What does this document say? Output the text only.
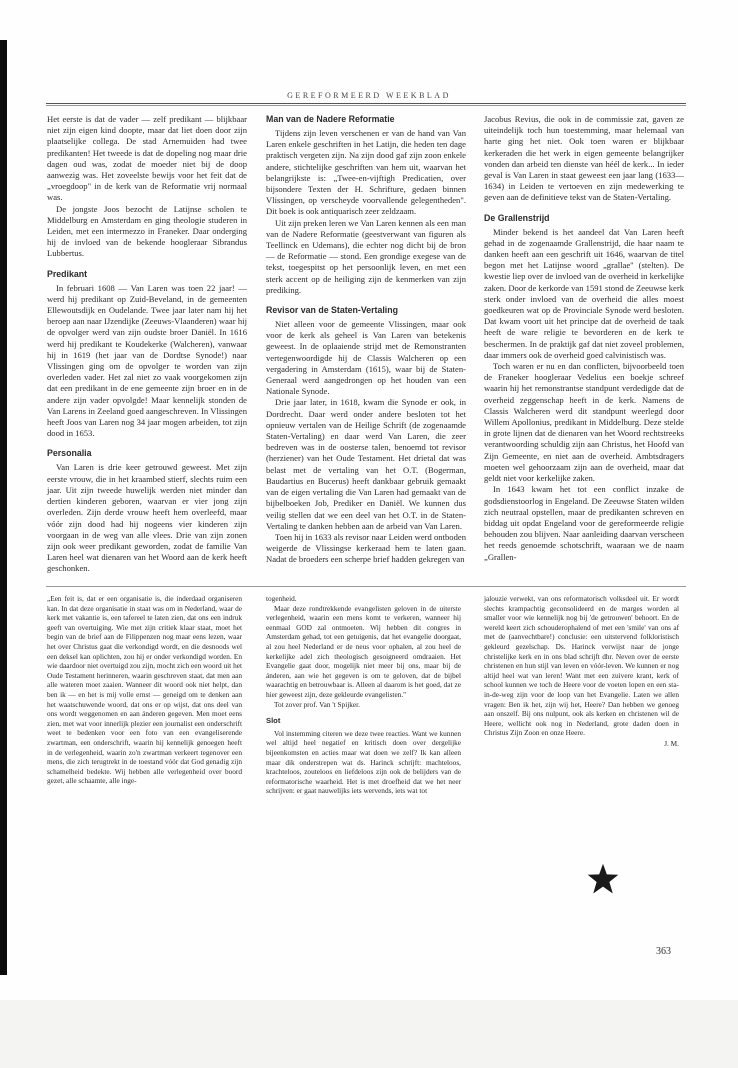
GEREFORMEERD WEEKBLAD

Het eerste is dat de vader — zelf predikant — blijkbaar niet zijn eigen kind doopte, maar dat liet doen door zijn plaatselijke collega. De stad Arnemuiden had twee predikanten! Het tweede is dat de dopeling nog maar drie dagen oud was, zodat de moeder niet bij de doop aanwezig was. Het zoveelste bewijs voor het feit dat de „vroegdoop" in de kerk van de Reformatie vrij normaal was.

De jongste Joos bezocht de Latijnse scholen te Middelburg en Amsterdam en ging theologie studeren in Leiden, met een intermezzo in Franeker. Daar onderging hij de invloed van de bekende hoogleraar Sibrandus Lubbertus.

Predikant

In februari 1608 — Van Laren was toen 22 jaar! — werd hij predikant op Zuid-Beveland, in de gemeenten Ellewoutsdijk en Oudelande. Twee jaar later nam hij het beroep aan naar IJzendijke (Zeeuws-Vlaanderen) waar hij de opvolger werd van zijn oudste broer Daniël. In 1616 werd hij predikant te Koudekerke (Walcheren), vanwaar hij in 1619 (het jaar van de Dordtse Synode!) naar Vlissingen ging om de opvolger te worden van zijn overleden vader. Het zal niet zo vaak voorgekomen zijn dat een predikant in de ene gemeente zijn broer en in de andere zijn vader opvolgde! Maar kennelijk stonden de Van Larens in Zeeland goed aangeschreven. In Vlissingen heeft Joos van Laren nog 34 jaar mogen arbeiden, tot zijn dood in 1653.

Personalia

Van Laren is drie keer getrouwd geweest. Met zijn eerste vrouw, die in het kraambed stierf, slechts ruim een jaar. Uit zijn tweede huwelijk werden niet minder dan dertien kinderen geboren, waarvan er vier jong zijn overleden. Zijn derde vrouw heeft hem overleefd, maar vóór zijn dood had hij nogeens vier kinderen zijn voorgaan in de weg van alle vlees. Drie van zijn zonen zijn ook weer predikant geworden, zodat de familie Van Laren heel wat dienaren van het Woord aan de kerk heeft geschonken.

Man van de Nadere Reformatie

Tijdens zijn leven verschenen er van de hand van Van Laren enkele geschriften in het Latijn, die heden ten dage praktisch vergeten zijn. Na zijn dood gaf zijn zoon enkele andere, stichtelijke geschriften van hem uit, waarvan het belangrijkste is: „Twee-en-vijftigh Predicatien, over bijsondere Texten der H. Schrifture, gedaen binnen Vlissingen, op verscheyde voorvallende gelegentheden". Dit boek is ook antiquarisch zeer zeldzaam.

Uit zijn preken leren we Van Laren kennen als een man van de Nadere Reformatie (geestverwant van figuren als Teellinck en Udemans), die echter nog dicht bij de bron — de Reformatie — stond. Een grondige exegese van de tekst, toegespitst op het persoonlijk leven, en met een sterk accent op de heiliging zijn de kenmerken van zijn prediking.

Revisor van de Staten-Vertaling

Niet alleen voor de gemeente Vlissingen, maar ook voor de kerk als geheel is Van Laren van betekenis geweest. In de oplaaiende strijd met de Remonstranten vertegenwoordigde hij de Classis Walcheren op een vergadering in Amsterdam (1615), waar bij de Staten-Generaal werd aangedrongen op het houden van een Nationale Synode.

Drie jaar later, in 1618, kwam die Synode er ook, in Dordrecht. Daar werd onder andere besloten tot het opnieuw vertalen van de Heilige Schrift (de zogenaamde Staten-Vertaling) en daar werd Van Laren, die zeer bedreven was in de oosterse talen, benoemd tot revisor (herziener) van het Oude Testament. Het drietal dat was belast met de vertaling van het O.T. (Bogerman, Baudartius en Bucerus) heeft dankbaar gebruik gemaakt van de eigen vertaling die Van Laren had gemaakt van de bijbelboeken Job, Prediker en Daniël. We kunnen dus veilig stellen dat we een deel van het O.T. in de Staten-Vertaling te danken hebben aan de arbeid van Van Laren.

Toen hij in 1633 als revisor naar Leiden werd ontboden weigerde de Vlissingse kerkeraad hem te laten gaan. Nadat de broeders een scherpe brief hadden gekregen van

Jacobus Revius, die ook in de commissie zat, gaven ze uiteindelijk toch hun toestemming, maar helemaal van harte ging het niet. Ook toen waren er blijkbaar kerkeraden die het werk in eigen gemeente belangrijker vonden dan arbeid ten dienste van héél de kerk... In ieder geval is Van Laren in staat geweest een jaar lang (1633—1634) in Leiden te vertoeven en zijn medewerking te geven aan de definitieve tekst van de Staten-Vertaling.

De Grallenstrijd

Minder bekend is het aandeel dat Van Laren heeft gehad in de zogenaamde Grallenstrijd, die haar naam te danken heeft aan een geschrift uit 1646, waarvan de titel begon met het Latijnse woord „grallae" (stelten). De kwestie liep over de invloed van de overheid in kerkelijke zaken. Door de kerkorde van 1591 stond de Zeeuwse kerk sterk onder invloed van de overheid die alles moest goedkeuren wat op de Provinciale Synode werd besloten. Dat kwam voort uit het principe dat de overheid de taak heeft de ware religie te bevorderen en de kerk te beschermen. In de praktijk gaf dat niet zoveel problemen, daar immers ook de overheid goed calvinistisch was.

Toch waren er nu en dan conflicten, bijvoorbeeld toen de Franeker hoogleraar Vedelius een boekje schreef waarin hij het remonstrantse standpunt verdedigde dat de overheid zeggenschap heeft in de kerk. Namens de Classis Walcheren werd dit standpunt weerlegd door Willem Apollonius, predikant in Middelburg. Deze stelde in grote lijnen dat de dienaren van het Woord rechtstreeks verantwoording schuldig zijn aan Christus, het Hoofd van Zijn Gemeente, en niet aan de overheid. Ambtsdragers moeten wel gehoorzaam zijn aan de overheid, maar dat geldt niet voor kerkelijke zaken.

In 1643 kwam het tot een conflict inzake de godsdienstoorlog in Engeland. De Zeeuwse Staten wilden zich neutraal opstellen, maar de predikanten schreven en biddag uit opdat Engeland voor de gereformeerde religie behouden zou blijven. Naar aanleiding daarvan verscheen het reeds genoemde schotschrift, waaraan we de naam „Grallen-

„Een feit is, dat er een organisatie is, die inderdaad organiseren kan. In dat deze organisatie in staat was om in Nederland, waar de kerk met vakantie is, een tafereel te laten zien, dat ons een indruk geeft van overtuiging. Wie met zijn critiek klaar staat, moet het begin van de brief aan de Filippenzen nog maar eens lezen, waar het over Christus gaat die verkondigd wordt, en die desnoods wel een deksel kan oplichten, zou hij er onder verkondigd worden. En wie daardoor niet overtuigd zou zijn, mocht zich een woord uit het Oude Testament herinneren, waarin geschreven staat, dat men aan alle wateren moet zaaien. Wanneer dit woord ook niet helpt, dan ben ik — en het is mij volle ernst — geneigd om te denken aan het waatschuwende woord, dat ons er op wijst, dat ons deel van ons wordt weggenomen en aan ánderen gegeven. Men moet eens zien, met wat voor innerlijk plezier een journalist een onderschrift weet te bedenken voor een foto van een evangeliserende zwartman, een onderschrift, waarin hij kennelijk genoegen heeft in de verlegenheid, waarin zo'n zwartman verkeert tegenover een mens, die zich terugtrekt in de toestand vóór dat God genadig zijn schamelheid bedekte. Wij hebben alle verlegenheid over boord gezet, alle schaamte, alle inge-

togenheid.

Maar deze rondtrekkende evangelisten geloven in de uiterste verlegenheid, waarin een mens komt te verkeren, wanneer hij eenmaal GOD zal ontmoeten. Wij hebben dit congres in Amsterdam gehad, tot een getuigenis, dat het evangelie doorgaat, al zou heel Nederland er de neus voor ophalen, al zou heel de kerkelijke adel zich theologisch gesoigneerd omdraaien. Het Evangelie gaat door, mogelijk niet meer bij ons, maar bij de ánderen, aan wie het gegeven is om te geloven, dat de bijbel waarachtig en betrouwbaar is. Alleen al daarom is het goed, dat ze hier geweest zijn, deze gekleurde evangelisten."

Tot zover prof. Van 't Spijker.

Slot

Vol instemming citeren we deze twee reacties. Want we kunnen wel altijd heel negatief en kritisch doen over dergelijke bijeenkomsten en acties maar wat doen we zelf? Ik kan alleen maar dik onderstrepen wat ds. Harinck schrijft: machteloos, krachteloos, zouteloos en liefdeloos zijn ook de belijders van de reformatorische waarheid. Het is met droefheid dat we het neer schrijven: er gaat nauwelijks iets wervends, iets wat tot

jalouzie verwekt, van ons reformatorisch volksdeel uit. Er wordt slechts krampachtig geconsolideerd en de marges worden al smaller voor wie kennelijk nog bij 'de getrouwen' behoort. En de wereld keert zich schouderophalend of met een 'smile' van ons af met de (aanvechtbare!) conclusie: een uitstervend folkloristisch gekleurd gezelschap. Ds. Harinck verwijst naar de jonge christelijke kerk en in ons blad schrijft dhr. Neven over de eerste christenen en hun stijl van leven en vóór-leven. We kunnen er nog altijd heel wat van leren! Want met een zuivere krant, kerk of school kunnen we toch de Heere voor de voeten lopen en een sta-in-de-weg zijn voor de loop van het Evangelie. Laten we allen vragen: Ben ik het, zijn wij het, Heere? Dan hebben we genoeg aan onszelf. Bij ons nulpunt, ook als kerken en christenen wil de Heere, wellicht ook nog in Nederland, grote daden doen in Christus Zijn Zoon en onze Heere.

J. M.
363
